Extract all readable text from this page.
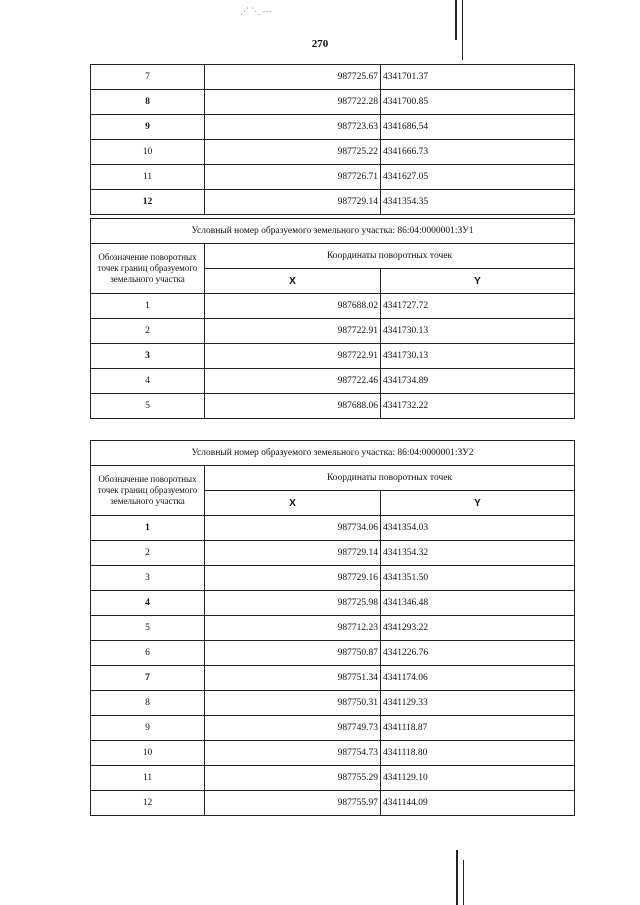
270
⋰ ⋱ ⋯
7	987725.67	4341701.37
8	987722.28	4341700.85
9	987723.63	4341686.54
10	987725.22	4341666.73
11	987726.71	4341627.05
12	987729.14	4341354.35
Условный номер образуемого земельного участка: 86:04:0000001:ЗУ1		
Обозначение поворотных точек границ образуемого земельного участка	Координаты поворотных точек	
	X	Y
1	987688.02	4341727.72
2	987722.91	4341730.13
3	987722.91	4341730.13
4	987722.46	4341734.89
5	987688.06	4341732.22
Условный номер образуемого земельного участка: 86:04:0000001:ЗУ2		
Обозначение поворотных точек границ образуемого земельного участка	Координаты поворотных точек	
	X	Y
1	987734.06	4341354.03
2	987729.14	4341354.32
3	987729.16	4341351.50
4	987725.98	4341346.48
5	987712.23	4341293.22
6	987750.87	4341226.76
7	987751.34	4341174.06
8	987750.31	4341129.33
9	987749.73	4341118.87
10	987754.73	4341118.80
11	987755.29	4341129.10
12	987755.97	4341144.09
